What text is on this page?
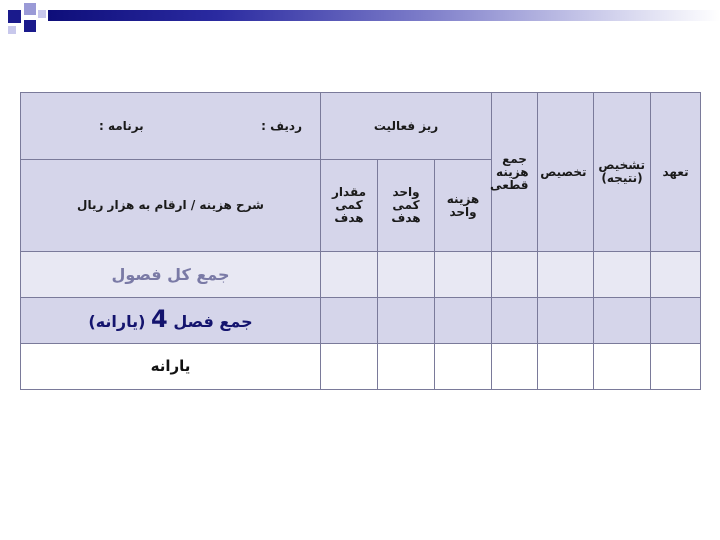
تعهد	تشخیص (نتیجه)	تخصیص	جمع هزینه قطعی	ریز فعالیت			ردیف :
برنامه :

				هزینه واحد	واحد کمی هدف	مقدار کمی هدف	شرح هزینه / ارقام به هزار ریال
							جمع کل فصول
							جمع فصل 4 (یارانه)
							یارانه
